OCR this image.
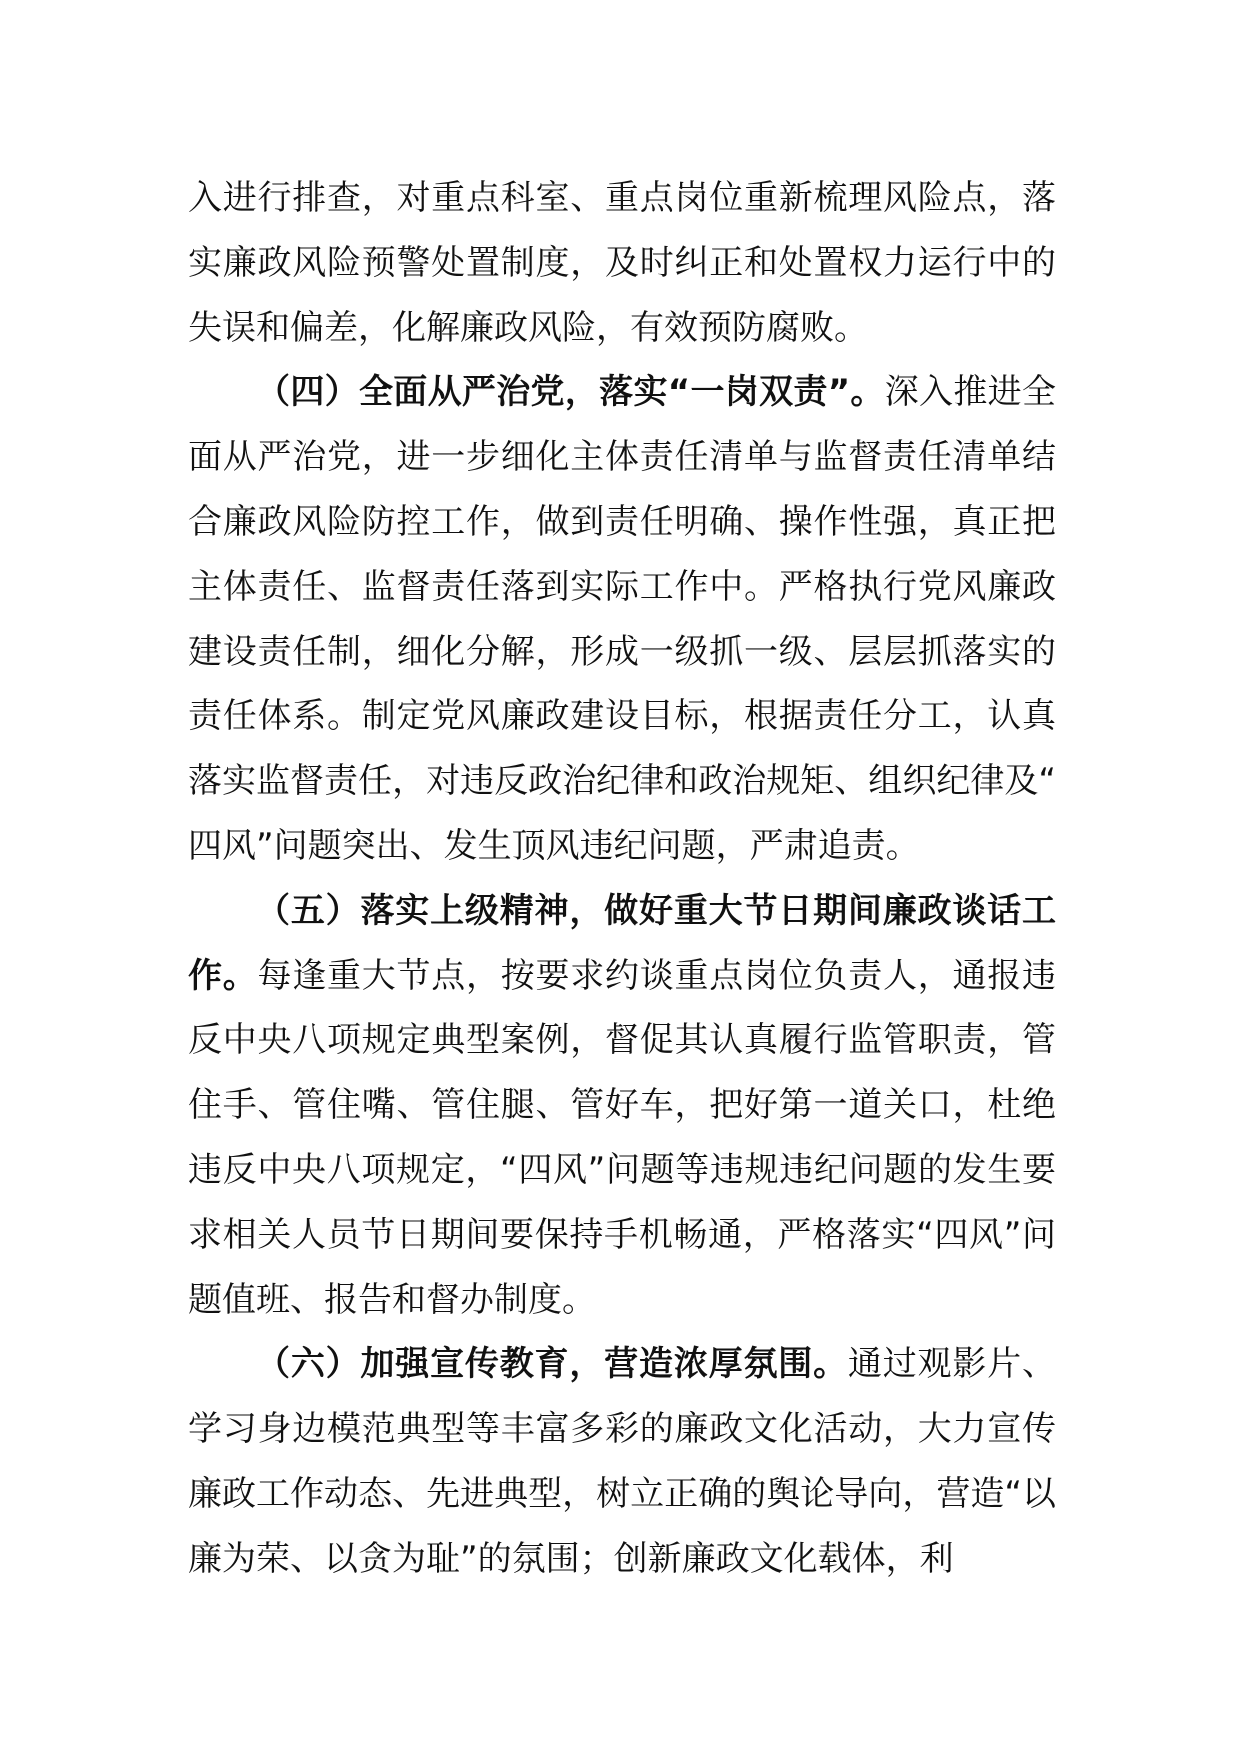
入进行排查，对重点科室、重点岗位重新梳理风险点，落实廉政风险预警处置制度，及时纠正和处置权力运行中的失误和偏差，化解廉政风险，有效预防腐败。

（四）全面从严治党，落实“一岗双责”。深入推进全面从严治党，进一步细化主体责任清单与监督责任清单结合廉政风险防控工作，做到责任明确、操作性强，真正把主体责任、监督责任落到实际工作中。严格执行党风廉政建设责任制，细化分解，形成一级抓一级、层层抓落实的责任体系。制定党风廉政建设目标，根据责任分工，认真落实监督责任，对违反政治纪律和政治规矩、组织纪律及“四风”问题突出、发生顶风违纪问题，严肃追责。

（五）落实上级精神，做好重大节日期间廉政谈话工作。每逢重大节点，按要求约谈重点岗位负责人，通报违反中央八项规定典型案例，督促其认真履行监管职责，管住手、管住嘴、管住腿、管好车，把好第一道关口，杜绝违反中央八项规定，“四风”问题等违规违纪问题的发生要求相关人员节日期间要保持手机畅通，严格落实“四风”问题值班、报告和督办制度。

（六）加强宣传教育，营造浓厚氛围。通过观影片、学习身边模范典型等丰富多彩的廉政文化活动，大力宣传廉政工作动态、先进典型，树立正确的舆论导向，营造“以廉为荣、以贪为耻”的氛围；创新廉政文化载体，利
